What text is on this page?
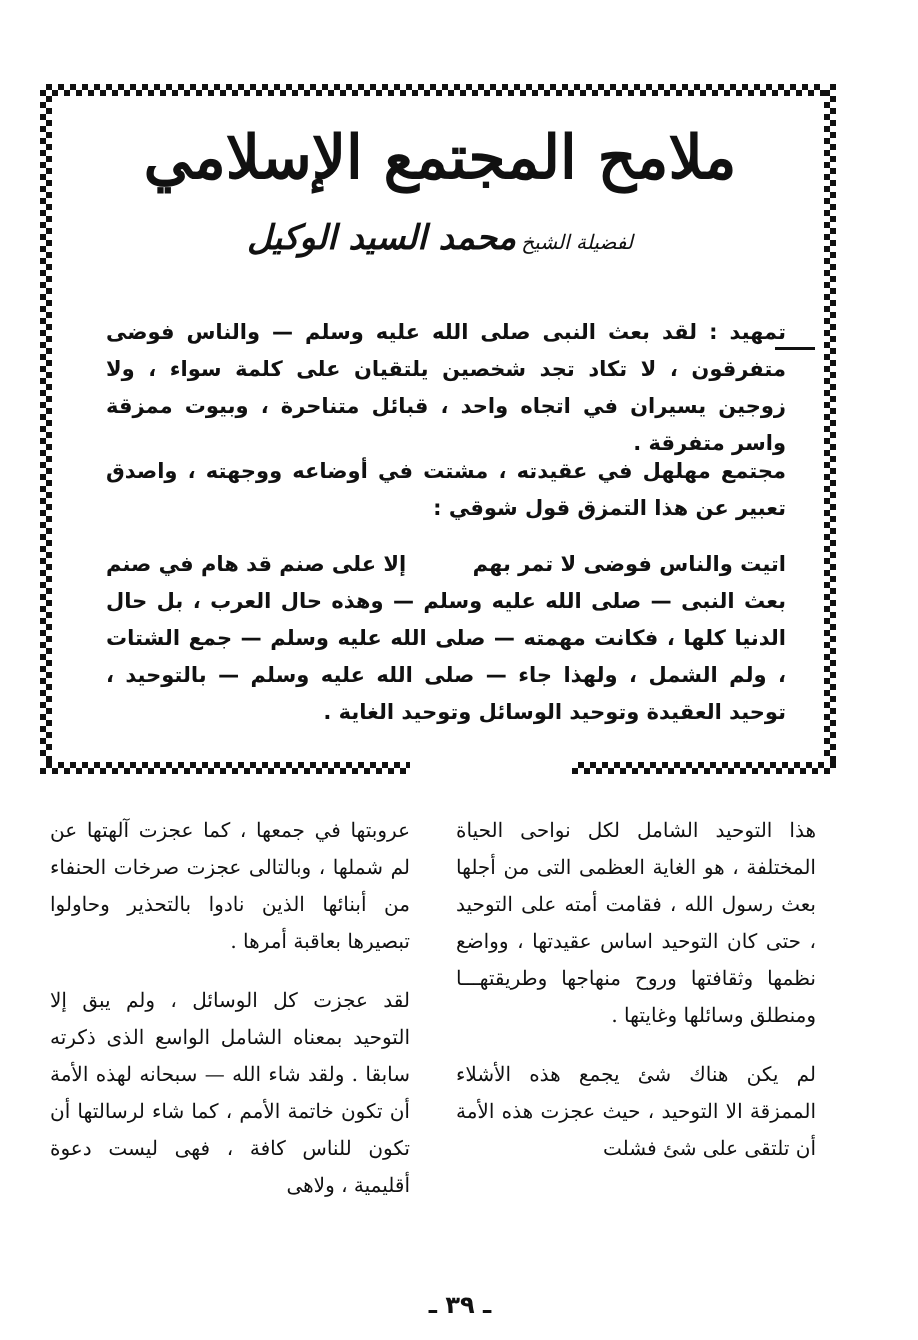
ملامح المجتمع الإسلامي
لفضيلة الشيخ محمد السيد الوكيل
تمهيد : لقد بعث النبى صلى الله عليه وسلم — والناس فوضى متفرقون ، لا تكاد تجد شخصين يلتقيان على كلمة سواء ، ولا زوجين يسيران في اتجاه واحد ، قبائل متناحرة ، وبيوت ممزقة واسر متفرقة .
مجتمع مهلهل في عقيدته ، مشتت في أوضاعه ووجهته ، واصدق تعبير عن هذا التمزق قول شوقي :
اتيت والناس فوضى لا تمر بهم
إلا على صنم قد هام في صنم
بعث النبى — صلى الله عليه وسلم — وهذه حال العرب ، بل حال الدنيا كلها ، فكانت مهمته — صلى الله عليه وسلم — جمع الشتات ، ولم الشمل ، ولهذا جاء — صلى الله عليه وسلم — بالتوحيد ، توحيد العقيدة وتوحيد الوسائل وتوحيد الغاية .

هذا التوحيد الشامل لكل نواحى الحياة المختلفة ، هو الغاية العظمى التى من أجلها بعث رسول الله ، فقامت أمته على التوحيد ، حتى كان التوحيد اساس عقيدتها ، وواضع نظمها وثقافتها وروح منهاجها وطريقتهـــا ومنطلق وسائلها وغايتها .

لم يكن هناك شئ يجمع هذه الأشلاء الممزقة الا التوحيد ، حيث عجزت هذه الأمة أن تلتقى على شئ فشلت

عروبتها في جمعها ، كما عجزت آلهتها عن لم شملها ، وبالتالى عجزت صرخات الحنفاء من أبنائها الذين نادوا بالتحذير وحاولوا تبصيرها بعاقبة أمرها .

لقد عجزت كل الوسائل ، ولم يبق إلا التوحيد بمعناه الشامل الواسع الذى ذكرته سابقا . ولقد شاء الله — سبحانه لهذه الأمة أن تكون خاتمة الأمم ، كما شاء لرسالتها أن تكون للناس كافة ، فهى ليست دعوة أقليمية ، ولاهى

ـ ٣٩ ـ
